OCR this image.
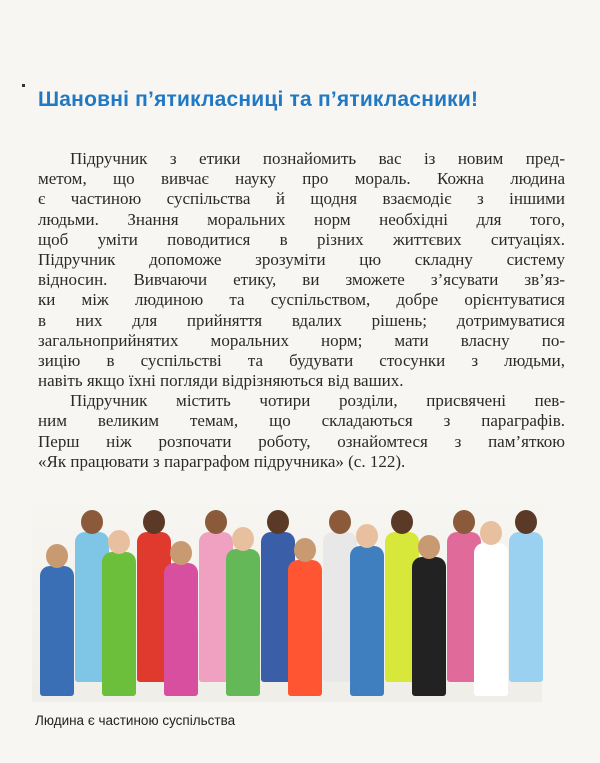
Шановні п’ятикласниці та п’ятикласники!
Підручник з етики познайомить вас із новим пред-
метом, що вивчає науку про мораль. Кожна людина
є частиною суспільства й щодня взаємодіє з іншими
людьми. Знання моральних норм необхідні для того,
щоб уміти поводитися в різних життєвих ситуаціях.
Підручник допоможе зрозуміти цю складну систему
відносин. Вивчаючи етику, ви зможете з’ясувати зв’яз-
ки між людиною та суспільством, добре орієнтуватися
в них для прийняття вдалих рішень; дотримуватися
загальноприйнятих моральних норм; мати власну по-
зицію в суспільстві та будувати стосунки з людьми,
навіть якщо їхні погляди відрізняються від ваших.
Підручник містить чотири розділи, присвячені пев-
ним великим темам, що складаються з параграфів.
Перш ніж розпочати роботу, ознайомтеся з пам’яткою
«Як працювати з параграфом підручника» (с. 122).
Людина є частиною суспільства
